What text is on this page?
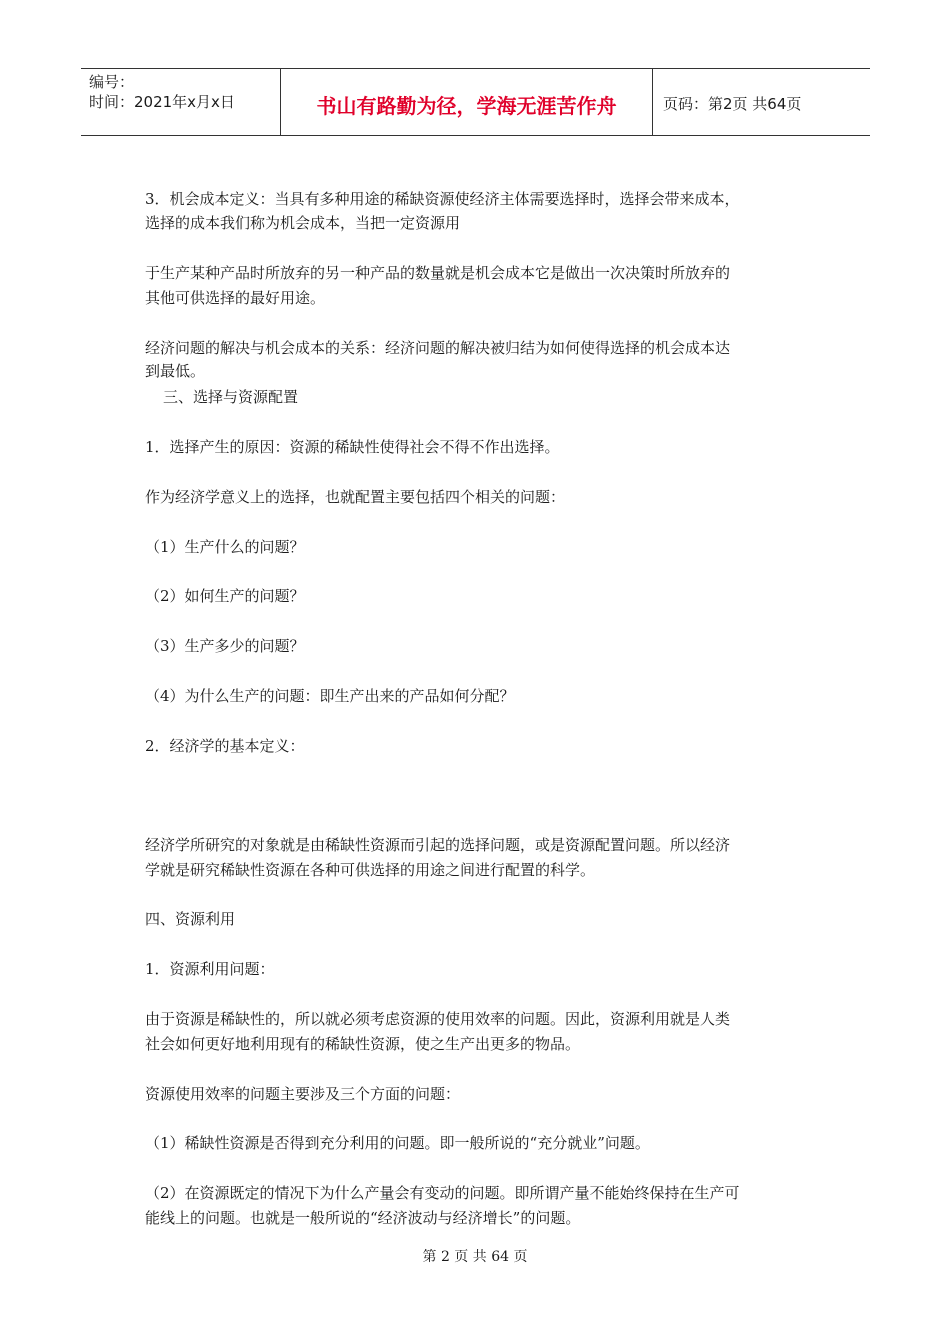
编号：
时间：2021年x月x日	书山有路勤为径，学海无涯苦作舟	页码：第2页 共64页
3．机会成本定义：当具有多种用途的稀缺资源使经济主体需要选择时，选择会带来成本，
选择的成本我们称为机会成本，当把一定资源用
于生产某种产品时所放弃的另一种产品的数量就是机会成本它是做出一次决策时所放弃的
其他可供选择的最好用途。
经济问题的解决与机会成本的关系：经济问题的解决被归结为如何使得选择的机会成本达
到最低。
三、选择与资源配置
1．选择产生的原因：资源的稀缺性使得社会不得不作出选择。
作为经济学意义上的选择，也就配置主要包括四个相关的问题：
（1）生产什么的问题？
（2）如何生产的问题？
（3）生产多少的问题？
（4）为什么生产的问题：即生产出来的产品如何分配？
2．经济学的基本定义：
经济学所研究的对象就是由稀缺性资源而引起的选择问题，或是资源配置问题。所以经济
学就是研究稀缺性资源在各种可供选择的用途之间进行配置的科学。
四、资源利用
1．资源利用问题：
由于资源是稀缺性的，所以就必须考虑资源的使用效率的问题。因此，资源利用就是人类
社会如何更好地利用现有的稀缺性资源，使之生产出更多的物品。
资源使用效率的问题主要涉及三个方面的问题：
（1）稀缺性资源是否得到充分利用的问题。即一般所说的“充分就业”问题。
（2）在资源既定的情况下为什么产量会有变动的问题。即所谓产量不能始终保持在生产可
能线上的问题。也就是一般所说的“经济波动与经济增长”的问题。
第 2 页 共 64 页
